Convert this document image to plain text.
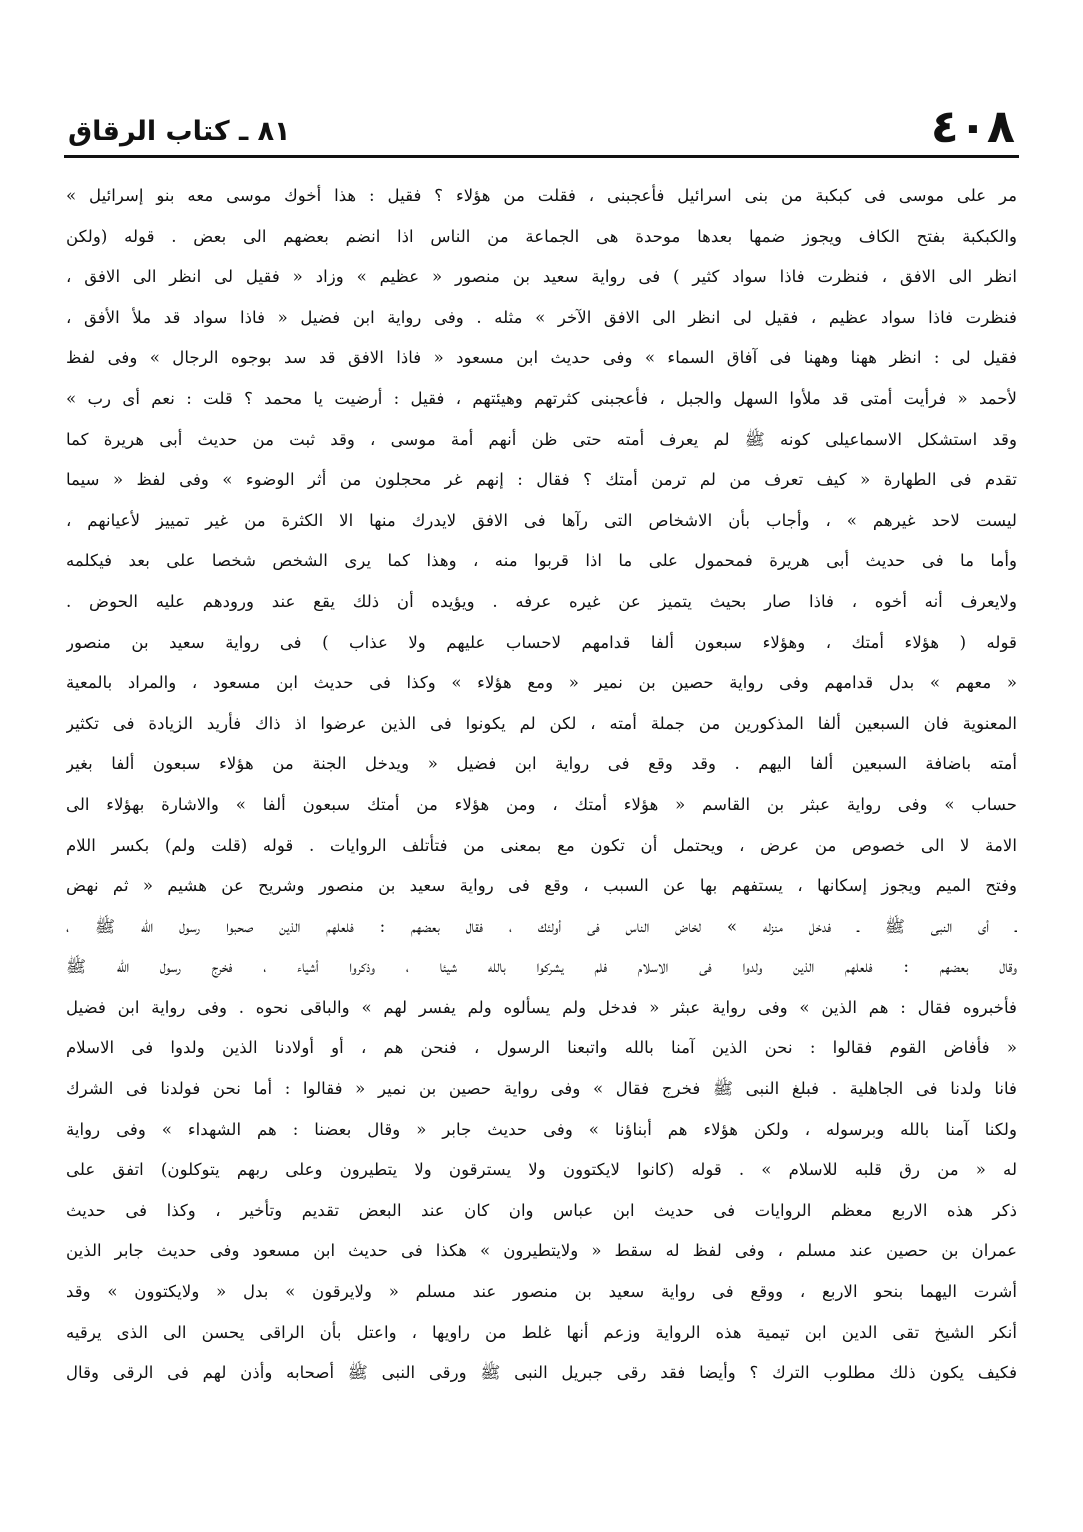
٤٠٨
٨١ ـ كتاب الرقاق
مر على موسى فى كبكبة من بنى اسرائيل فأعجبنى ، فقلت من هؤلاء ؟ فقيل : هذا أخوك موسى معه بنو إسرائيل »
والكبكبة بفتح الكاف ويجوز ضمها بعدها موحدة هى الجماعة من الناس اذا انضم بعضهم الى بعض . قوله (ولكن
انظر الى الافق ، فنظرت فاذا سواد كثير ) فى رواية سعيد بن منصور « عظيم » وزاد « فقيل لى انظر الى الافق ،
فنظرت فاذا سواد عظيم ، فقيل لى انظر الى الافق الآخر » مثله . وفى رواية ابن فضيل « فاذا سواد قد ملأ الأفق ،
فقيل لى : انظر ههنا وههنا فى آفاق السماء » وفى حديث ابن مسعود « فاذا الافق قد سد بوجوه الرجال » وفى لفظ
لأحمد « فرأيت أمتى قد ملأوا السهل والجبل ، فأعجبنى كثرتهم وهيئتهم ، فقيل : أرضيت يا محمد ؟ قلت : نعم أى رب »
وقد استشكل الاسماعيلى كونه ﷺ لم يعرف أمته حتى ظن أنهم أمة موسى ، وقد ثبت من حديث أبى هريرة كما
تقدم فى الطهارة « كيف تعرف من لم ترمن أمتك ؟ فقال : إنهم غر محجلون من أثر الوضوء » وفى لفظ « سيما
ليست لاحد غيرهم » ، وأجاب بأن الاشخاص التى رآها فى الافق لايدرك منها الا الكثرة من غير تمييز لأعيانهم ،
وأما ما فى حديث أبى هريرة فمحمول على ما اذا قربوا منه ، وهذا كما يرى الشخص شخصا على بعد فيكلمه
ولايعرف أنه أخوه ، فاذا صار بحيث يتميز عن غيره عرفه . ويؤيده أن ذلك يقع عند ورودهم عليه الحوض .
قوله ( هؤلاء أمتك ، وهؤلاء سبعون ألفا قدامهم لاحساب عليهم ولا عذاب ) فى رواية سعيد بن منصور
« معهم » بدل قدامهم وفى رواية حصين بن نمير « ومع هؤلاء » وكذا فى حديث ابن مسعود ، والمراد بالمعية
المعنوية فان السبعين ألفا المذكورين من جملة أمته ، لكن لم يكونوا فى الذين عرضوا اذ ذاك فأريد الزيادة فى تكثير
أمته باضافة السبعين ألفا اليهم . وقد وقع فى رواية ابن فضيل « ويدخل الجنة من هؤلاء سبعون ألفا بغير
حساب » وفى رواية عبثر بن القاسم « هؤلاء أمتك ، ومن هؤلاء من أمتك سبعون ألفا » والاشارة بهؤلاء الى
الامة لا الى خصوص من عرض ، ويحتمل أن تكون مع بمعنى من فتأتلف الروايات . قوله (قلت ولم) بكسر اللام
وفتح الميم ويجوز إسكانها ، يستفهم بها عن السبب ، وقع فى رواية سعيد بن منصور وشريح عن هشيم « ثم نهض
ـ أى النبى ﷺ ـ فدخل منزله » لخاض الناس فى أولئك ، فقال بعضهم : فلعلهم الذين صحبوا رسول الله ﷺ ،
وقال بعضهم : فلعلهم الذين ولدوا فى الاسلام فلم يشركوا بالله شيئا ، وذكروا أشياء ، فخرج رسول الله ﷺ
فأخبروه فقال : هم الذين » وفى رواية عبثر « فدخل ولم يسألوه ولم يفسر لهم » والباقى نحوه . وفى رواية ابن فضيل
« فأفاض القوم فقالوا : نحن الذين آمنا بالله واتبعنا الرسول ، فنحن هم ، أو أولادنا الذين ولدوا فى الاسلام
فانا ولدنا فى الجاهلية . فبلغ النبى ﷺ فخرج فقال » وفى رواية حصين بن نمير « فقالوا : أما نحن فولدنا فى الشرك
ولكنا آمنا بالله وبرسوله ، ولكن هؤلاء هم أبناؤنا » وفى حديث جابر « وقال بعضنا : هم الشهداء » وفى رواية
له « من رق قلبه للاسلام » . قوله (كانوا لايكتوون ولا يسترقون ولا يتطيرون وعلى ربهم يتوكلون) اتفق على
ذكر هذه الاربع معظم الروايات فى حديث ابن عباس وان كان عند البعض تقديم وتأخير ، وكذا فى حديث
عمران بن حصين عند مسلم ، وفى لفظ له سقط « ولايتطيرون » هكذا فى حديث ابن مسعود وفى حديث جابر الذين
أشرت اليهما بنحو الاربع ، ووقع فى رواية سعيد بن منصور عند مسلم « ولايرقون » بدل « ولايكتوون » وقد
أنكر الشيخ تقى الدين ابن تيمية هذه الرواية وزعم أنها غلط من راويها ، واعتل بأن الراقى يحسن الى الذى يرقيه
فكيف يكون ذلك مطلوب الترك ؟ وأيضا فقد رقى جبريل النبى ﷺ ورقى النبى ﷺ أصحابه وأذن لهم فى الرقى وقال
